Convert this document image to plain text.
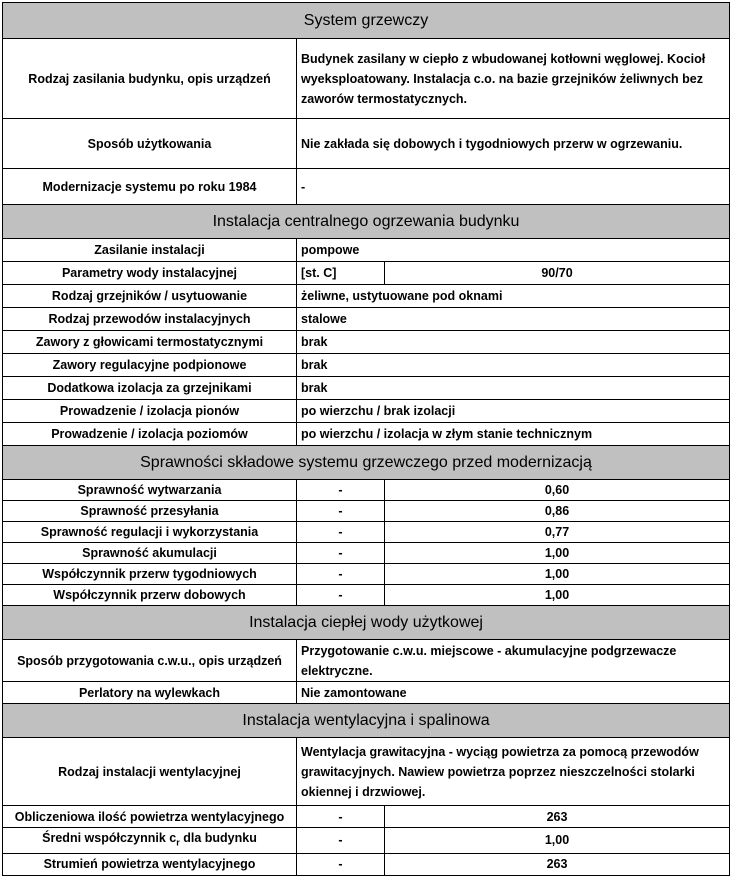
System grzewczy		
Rodzaj zasilania budynku, opis urządzeń	Budynek zasilany w ciepło z wbudowanej kotłowni węglowej. Kocioł wyeksploatowany. Instalacja c.o. na bazie grzejników żeliwnych bez zaworów termostatycznych.	
Sposób użytkowania	Nie zakłada się dobowych i tygodniowych przerw w ogrzewaniu.	
Modernizacje systemu po roku 1984	-	
Instalacja centralnego ogrzewania budynku		
Zasilanie instalacji	pompowe	
Parametry wody instalacyjnej	[st. C]	90/70
Rodzaj grzejników / usytuowanie	żeliwne, ustytuowane pod oknami	
Rodzaj przewodów instalacyjnych	stalowe	
Zawory z głowicami termostatycznymi	brak	
Zawory regulacyjne podpionowe	brak	
Dodatkowa izolacja za grzejnikami	brak	
Prowadzenie / izolacja pionów	po wierzchu / brak izolacji	
Prowadzenie / izolacja poziomów	po wierzchu / izolacja w złym stanie technicznym	
Sprawności składowe systemu grzewczego przed modernizacją		
Sprawność wytwarzania	-	0,60
Sprawność przesyłania	-	0,86
Sprawność regulacji i wykorzystania	-	0,77
Sprawność akumulacji	-	1,00
Współczynnik przerw tygodniowych	-	1,00
Współczynnik przerw dobowych	-	1,00
Instalacja ciepłej wody użytkowej		
Sposób przygotowania c.w.u., opis urządzeń	Przygotowanie c.w.u. miejscowe - akumulacyjne podgrzewacze elektryczne.	
Perlatory na wylewkach	Nie zamontowane	
Instalacja wentylacyjna i spalinowa		
Rodzaj instalacji wentylacyjnej	Wentylacja grawitacyjna - wyciąg powietrza za pomocą przewodów grawitacyjnych. Nawiew powietrza poprzez nieszczelności stolarki okiennej i drzwiowej.	
Obliczeniowa ilość powietrza wentylacyjnego	-	263
Średni współczynnik $c_r$ dla budynku	-	1,00
Strumień powietrza wentylacyjnego	-	263
